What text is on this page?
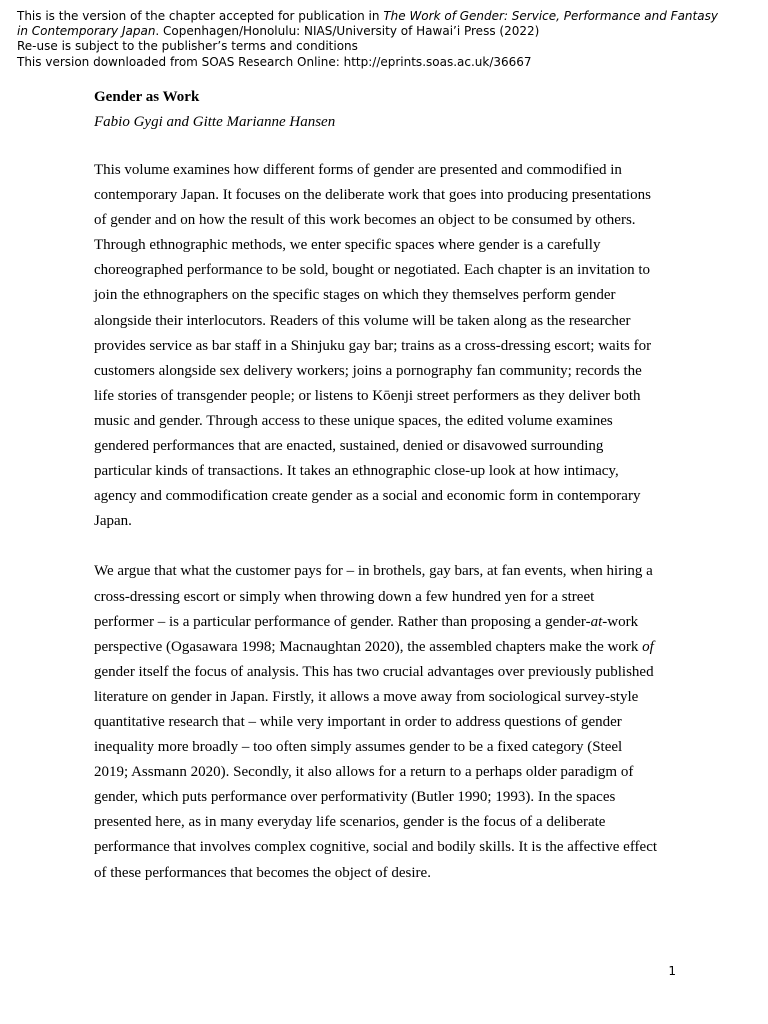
This is the version of the chapter accepted for publication in The Work of Gender: Service, Performance and Fantasy
in Contemporary Japan. Copenhagen/Honolulu: NIAS/University of Hawai’i Press (2022)
Re-use is subject to the publisher’s terms and conditions
This version downloaded from SOAS Research Online: http://eprints.soas.ac.uk/36667

Gender as Work

Fabio Gygi and Gitte Marianne Hansen

This volume examines how different forms of gender are presented and commodified in
contemporary Japan. It focuses on the deliberate work that goes into producing presentations
of gender and on how the result of this work becomes an object to be consumed by others.
Through ethnographic methods, we enter specific spaces where gender is a carefully
choreographed performance to be sold, bought or negotiated. Each chapter is an invitation to
join the ethnographers on the specific stages on which they themselves perform gender
alongside their interlocutors. Readers of this volume will be taken along as the researcher
provides service as bar staff in a Shinjuku gay bar; trains as a cross-dressing escort; waits for
customers alongside sex delivery workers; joins a pornography fan community; records the
life stories of transgender people; or listens to Kōenji street performers as they deliver both
music and gender. Through access to these unique spaces, the edited volume examines
gendered performances that are enacted, sustained, denied or disavowed surrounding
particular kinds of transactions. It takes an ethnographic close-up look at how intimacy,
agency and commodification create gender as a social and economic form in contemporary
Japan.

We argue that what the customer pays for – in brothels, gay bars, at fan events, when hiring a
cross-dressing escort or simply when throwing down a few hundred yen for a street
performer – is a particular performance of gender. Rather than proposing a gender-at-work
perspective (Ogasawara 1998; Macnaughtan 2020), the assembled chapters make the work of
gender itself the focus of analysis. This has two crucial advantages over previously published
literature on gender in Japan. Firstly, it allows a move away from sociological survey-style
quantitative research that – while very important in order to address questions of gender
inequality more broadly – too often simply assumes gender to be a fixed category (Steel
2019; Assmann 2020). Secondly, it also allows for a return to a perhaps older paradigm of
gender, which puts performance over performativity (Butler 1990; 1993). In the spaces
presented here, as in many everyday life scenarios, gender is the focus of a deliberate
performance that involves complex cognitive, social and bodily skills. It is the affective effect
of these performances that becomes the object of desire.

1
